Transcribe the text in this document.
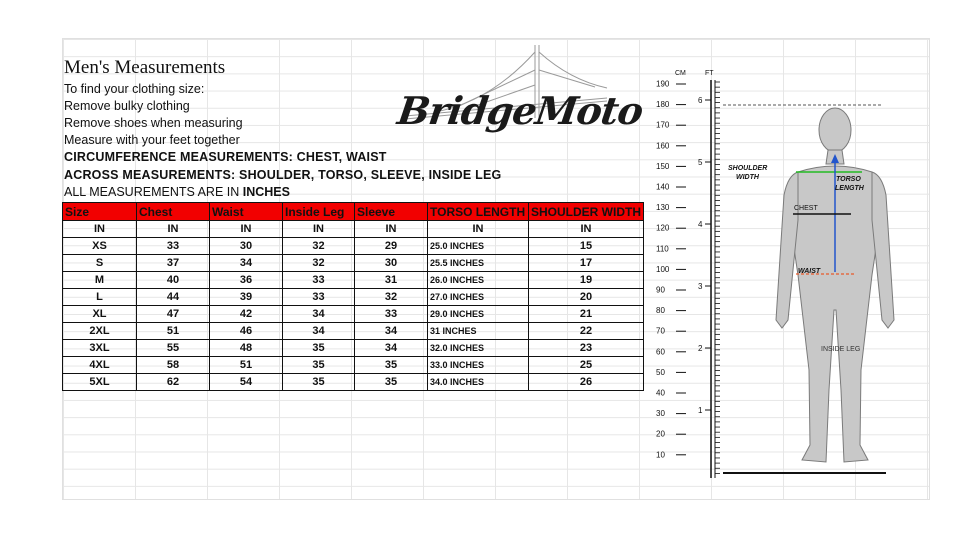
Men's Measurements
To find your clothing size:
Remove bulky clothing
Remove shoes when measuring
Measure with your feet together
CIRCUMFERENCE MEASUREMENTS: CHEST, WAIST
ACROSS MEASUREMENTS: SHOULDER, TORSO, SLEEVE, INSIDE LEG
ALL MEASUREMENTS ARE IN INCHES
BridgeMoto
Size	Chest	Waist	Inside Leg	Sleeve	TORSO LENGTH	SHOULDER WIDTH
IN	IN	IN	IN	IN	IN	IN
XS	33	30	32	29	25.0 INCHES	15
S	37	34	32	30	25.5 INCHES	17
M	40	36	33	31	26.0 INCHES	19
L	44	39	33	32	27.0 INCHES	20
XL	47	42	34	33	29.0 INCHES	21
2XL	51	46	34	34	31 INCHES	22
3XL	55	48	35	34	32.0 INCHES	23
4XL	58	51	35	35	33.0 INCHES	25
5XL	62	54	35	35	34.0 INCHES	26
CM	FT
190
180
170
160
150
140
130
120
110
100
90
80
70
60
50
40
30
20
10
6
5
4
3
2
1
SHOULDER
WIDTH	TORSO
LENGTH
CHEST
WAIST
INSIDE LEG
